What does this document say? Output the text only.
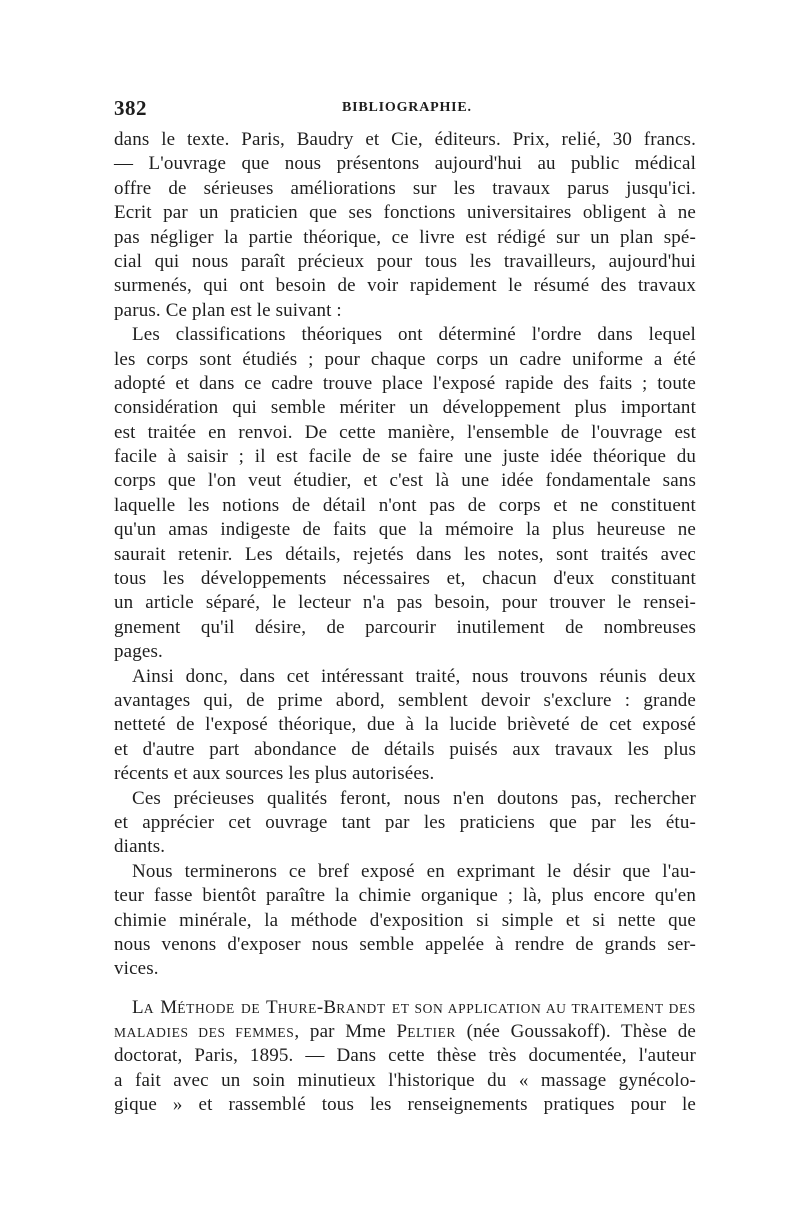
382	BIBLIOGRAPHIE.
dans le texte. Paris, Baudry et Cie, éditeurs. Prix, relié, 30 francs.
— L'ouvrage que nous présentons aujourd'hui au public médical
offre de sérieuses améliorations sur les travaux parus jusqu'ici.
Ecrit par un praticien que ses fonctions universitaires obligent à ne
pas négliger la partie théorique, ce livre est rédigé sur un plan spé-
cial qui nous paraît précieux pour tous les travailleurs, aujourd'hui
surmenés, qui ont besoin de voir rapidement le résumé des travaux
parus. Ce plan est le suivant :
Les classifications théoriques ont déterminé l'ordre dans lequel
les corps sont étudiés ; pour chaque corps un cadre uniforme a été
adopté et dans ce cadre trouve place l'exposé rapide des faits ; toute
considération qui semble mériter un développement plus important
est traitée en renvoi. De cette manière, l'ensemble de l'ouvrage est
facile à saisir ; il est facile de se faire une juste idée théorique du
corps que l'on veut étudier, et c'est là une idée fondamentale sans
laquelle les notions de détail n'ont pas de corps et ne constituent
qu'un amas indigeste de faits que la mémoire la plus heureuse ne
saurait retenir. Les détails, rejetés dans les notes, sont traités avec
tous les développements nécessaires et, chacun d'eux constituant
un article séparé, le lecteur n'a pas besoin, pour trouver le rensei-
gnement qu'il désire, de parcourir inutilement de nombreuses
pages.
Ainsi donc, dans cet intéressant traité, nous trouvons réunis deux
avantages qui, de prime abord, semblent devoir s'exclure : grande
netteté de l'exposé théorique, due à la lucide brièveté de cet exposé
et d'autre part abondance de détails puisés aux travaux les plus
récents et aux sources les plus autorisées.
Ces précieuses qualités feront, nous n'en doutons pas, rechercher
et apprécier cet ouvrage tant par les praticiens que par les étu-
diants.
Nous terminerons ce bref exposé en exprimant le désir que l'au-
teur fasse bientôt paraître la chimie organique ; là, plus encore qu'en
chimie minérale, la méthode d'exposition si simple et si nette que
nous venons d'exposer nous semble appelée à rendre de grands ser-
vices.
LA MÉTHODE DE THURE-BRANDT ET SON APPLICATION AU TRAITEMENT DES
MALADIES DES FEMMES, par Mme PELTIER (née Goussakoff). Thèse de
doctorat, Paris, 1895. — Dans cette thèse très documentée, l'auteur
a fait avec un soin minutieux l'historique du « massage gynécolo-
gique » et rassemblé tous les renseignements pratiques pour le
